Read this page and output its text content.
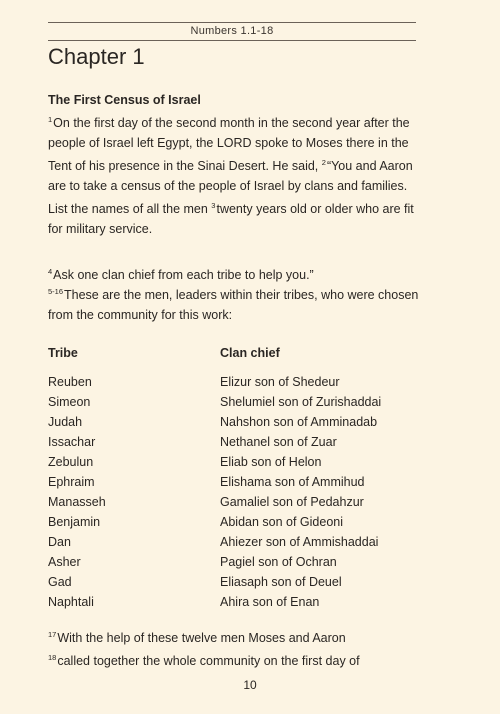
Numbers 1.1-18
Chapter 1
The First Census of Israel

$^1$On the first day of the second month in the second year after the people of Israel left Egypt, the LORD spoke to Moses there in the Tent of his presence in the Sinai Desert. He said, $^2$“You and Aaron are to take a census of the people of Israel by clans and families. List the names of all the men $^3$twenty years old or older who are fit for military service.

$^4$Ask one clan chief from each tribe to help you.”

$^{5-16}$These are the men, leaders within their tribes, who were chosen from the community for this work:

Tribe	Clan chief
Reuben	Elizur son of Shedeur
Simeon	Shelumiel son of Zurishaddai
Judah	Nahshon son of Amminadab
Issachar	Nethanel son of Zuar
Zebulun	Eliab son of Helon
Ephraim	Elishama son of Ammihud
Manasseh	Gamaliel son of Pedahzur
Benjamin	Abidan son of Gideoni
Dan	Ahiezer son of Ammishaddai
Asher	Pagiel son of Ochran
Gad	Eliasaph son of Deuel
Naphtali	Ahira son of Enan

$^{17}$With the help of these twelve men Moses and Aaron
$^{18}$called together the whole community on the first day of

10
